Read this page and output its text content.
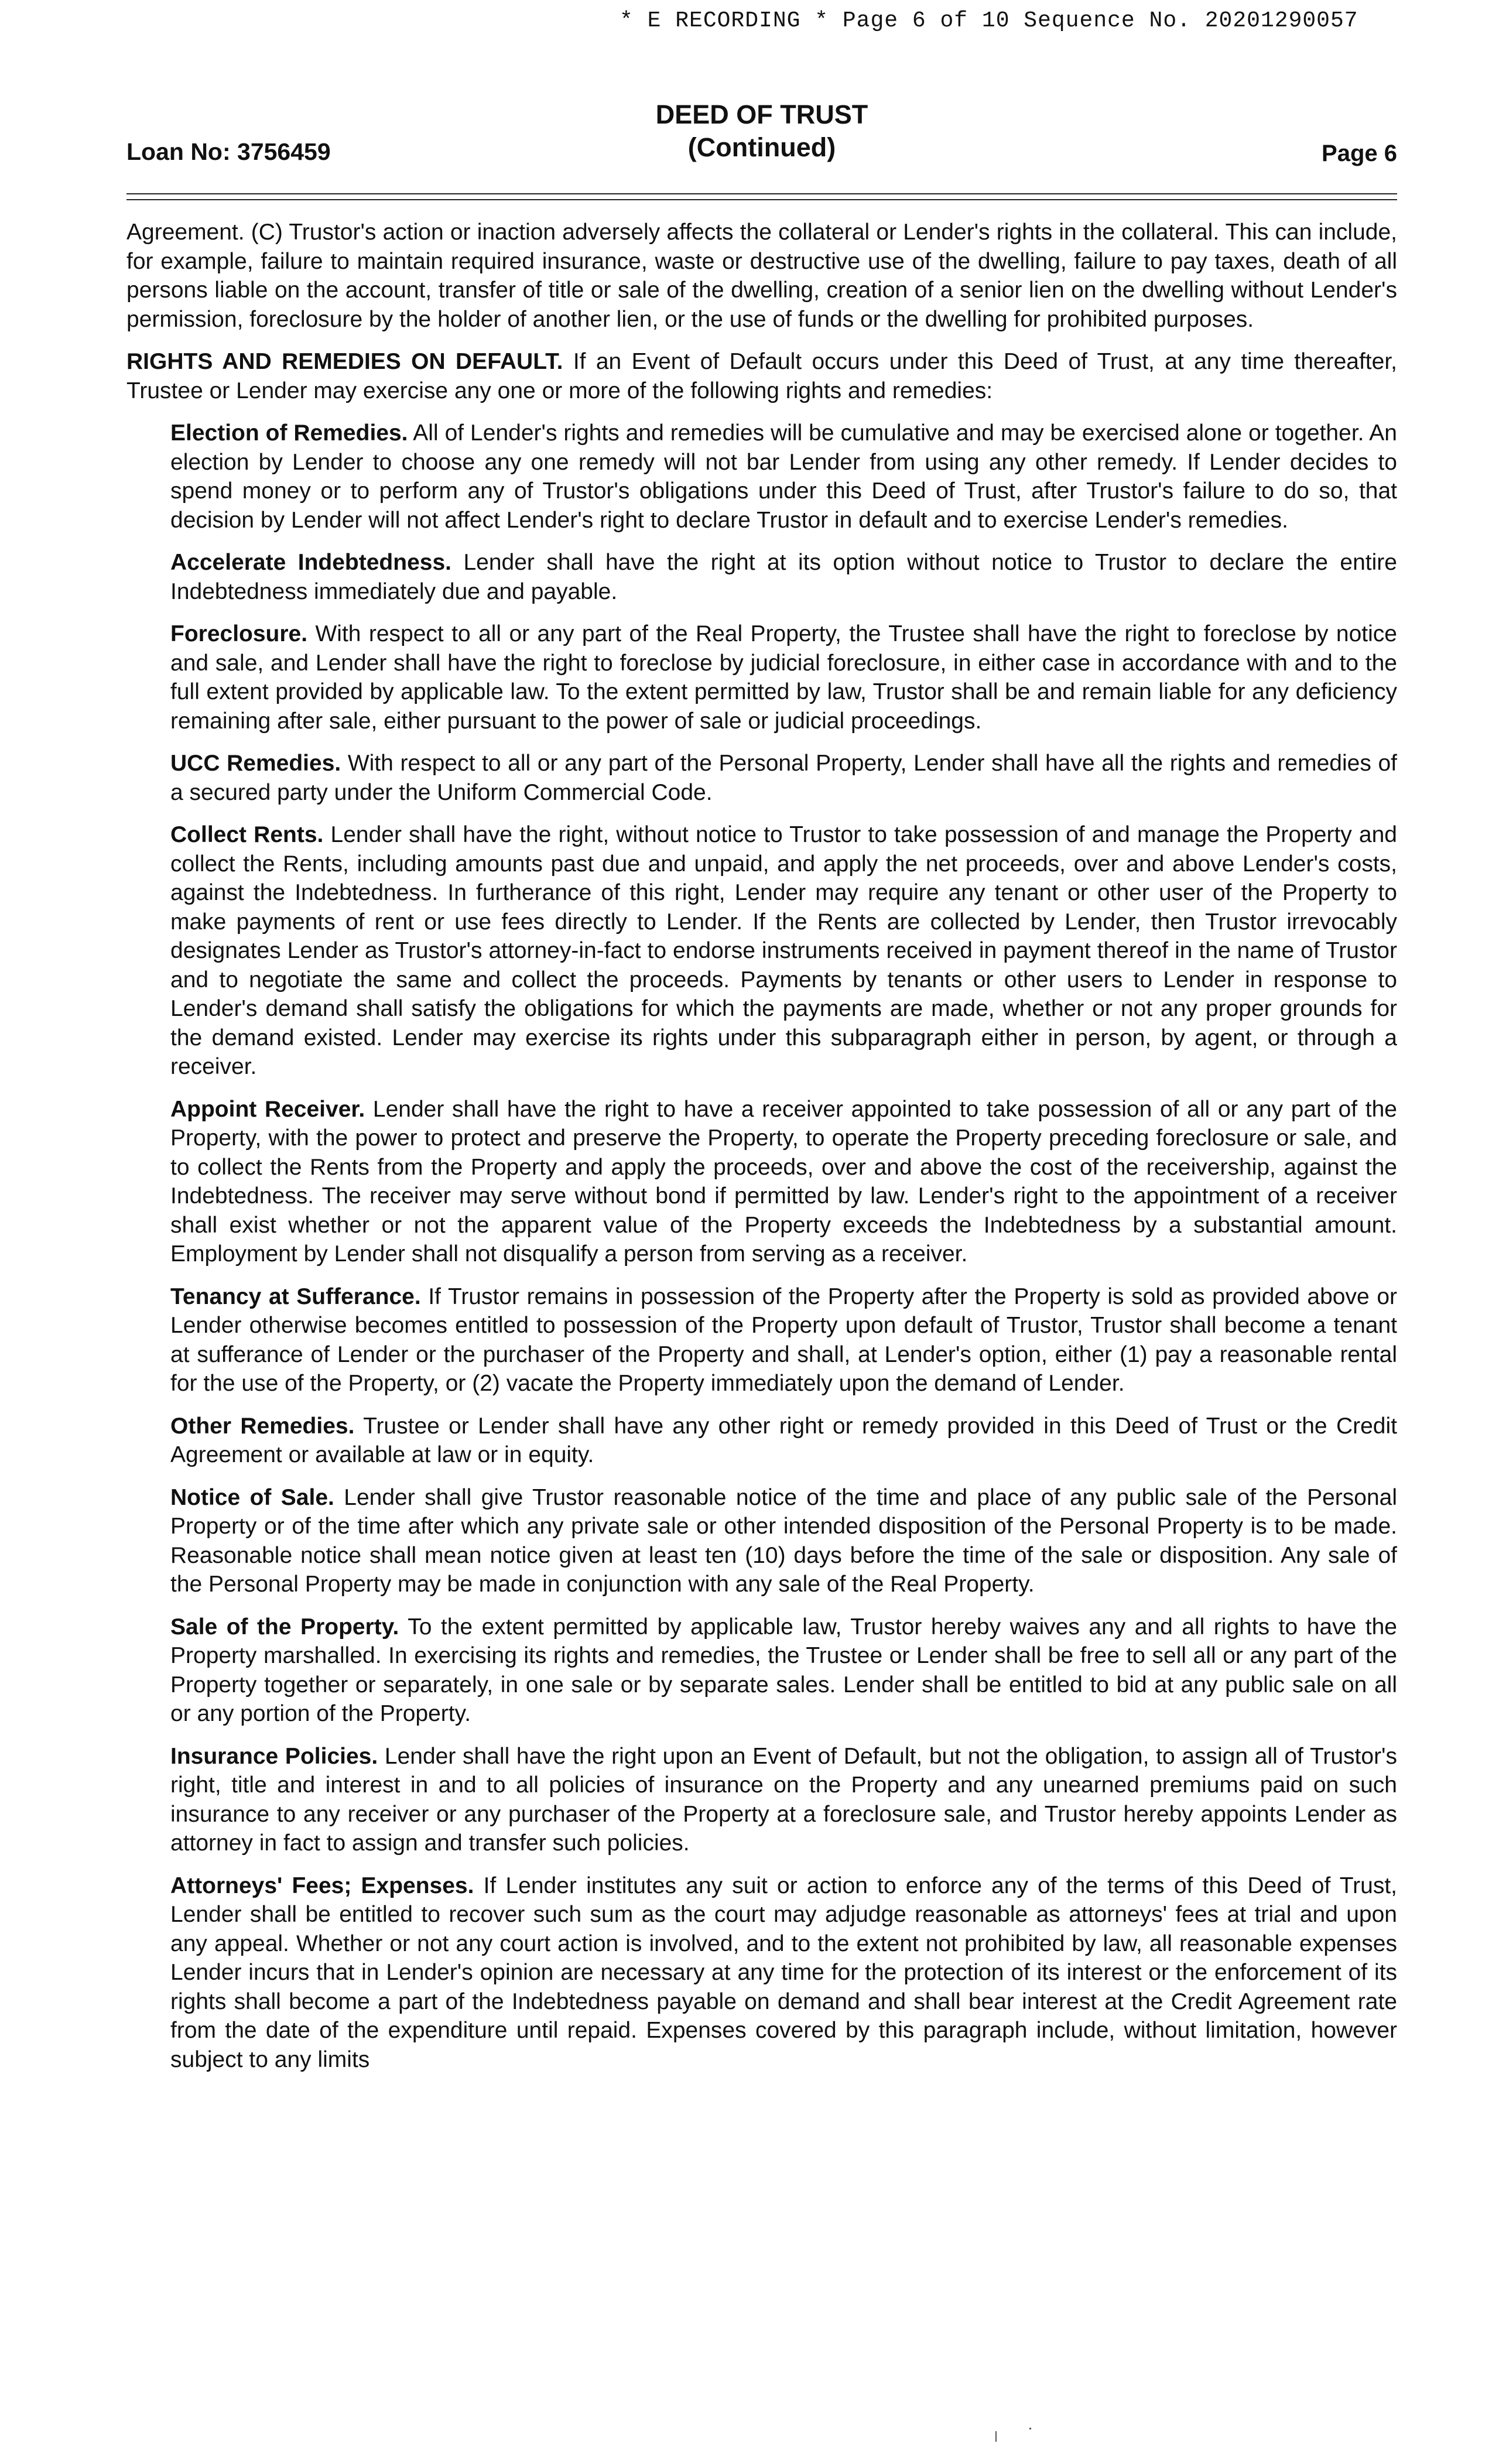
* E RECORDING * Page 6 of 10 Sequence No. 20201290057
Loan No: 3756459
DEED OF TRUST
(Continued)	Page 6

Agreement. (C) Trustor's action or inaction adversely affects the collateral or Lender's rights in the collateral. This can include, for example, failure to maintain required insurance, waste or destructive use of the dwelling, failure to pay taxes, death of all persons liable on the account, transfer of title or sale of the dwelling, creation of a senior lien on the dwelling without Lender's permission, foreclosure by the holder of another lien, or the use of funds or the dwelling for prohibited purposes.

RIGHTS AND REMEDIES ON DEFAULT. If an Event of Default occurs under this Deed of Trust, at any time thereafter, Trustee or Lender may exercise any one or more of the following rights and remedies:

Election of Remedies. All of Lender's rights and remedies will be cumulative and may be exercised alone or together. An election by Lender to choose any one remedy will not bar Lender from using any other remedy. If Lender decides to spend money or to perform any of Trustor's obligations under this Deed of Trust, after Trustor's failure to do so, that decision by Lender will not affect Lender's right to declare Trustor in default and to exercise Lender's remedies.

Accelerate Indebtedness. Lender shall have the right at its option without notice to Trustor to declare the entire Indebtedness immediately due and payable.

Foreclosure. With respect to all or any part of the Real Property, the Trustee shall have the right to foreclose by notice and sale, and Lender shall have the right to foreclose by judicial foreclosure, in either case in accordance with and to the full extent provided by applicable law. To the extent permitted by law, Trustor shall be and remain liable for any deficiency remaining after sale, either pursuant to the power of sale or judicial proceedings.

UCC Remedies. With respect to all or any part of the Personal Property, Lender shall have all the rights and remedies of a secured party under the Uniform Commercial Code.

Collect Rents. Lender shall have the right, without notice to Trustor to take possession of and manage the Property and collect the Rents, including amounts past due and unpaid, and apply the net proceeds, over and above Lender's costs, against the Indebtedness. In furtherance of this right, Lender may require any tenant or other user of the Property to make payments of rent or use fees directly to Lender. If the Rents are collected by Lender, then Trustor irrevocably designates Lender as Trustor's attorney-in-fact to endorse instruments received in payment thereof in the name of Trustor and to negotiate the same and collect the proceeds. Payments by tenants or other users to Lender in response to Lender's demand shall satisfy the obligations for which the payments are made, whether or not any proper grounds for the demand existed. Lender may exercise its rights under this subparagraph either in person, by agent, or through a receiver.

Appoint Receiver. Lender shall have the right to have a receiver appointed to take possession of all or any part of the Property, with the power to protect and preserve the Property, to operate the Property preceding foreclosure or sale, and to collect the Rents from the Property and apply the proceeds, over and above the cost of the receivership, against the Indebtedness. The receiver may serve without bond if permitted by law. Lender's right to the appointment of a receiver shall exist whether or not the apparent value of the Property exceeds the Indebtedness by a substantial amount. Employment by Lender shall not disqualify a person from serving as a receiver.

Tenancy at Sufferance. If Trustor remains in possession of the Property after the Property is sold as provided above or Lender otherwise becomes entitled to possession of the Property upon default of Trustor, Trustor shall become a tenant at sufferance of Lender or the purchaser of the Property and shall, at Lender's option, either (1) pay a reasonable rental for the use of the Property, or (2) vacate the Property immediately upon the demand of Lender.

Other Remedies. Trustee or Lender shall have any other right or remedy provided in this Deed of Trust or the Credit Agreement or available at law or in equity.

Notice of Sale. Lender shall give Trustor reasonable notice of the time and place of any public sale of the Personal Property or of the time after which any private sale or other intended disposition of the Personal Property is to be made. Reasonable notice shall mean notice given at least ten (10) days before the time of the sale or disposition. Any sale of the Personal Property may be made in conjunction with any sale of the Real Property.

Sale of the Property. To the extent permitted by applicable law, Trustor hereby waives any and all rights to have the Property marshalled. In exercising its rights and remedies, the Trustee or Lender shall be free to sell all or any part of the Property together or separately, in one sale or by separate sales. Lender shall be entitled to bid at any public sale on all or any portion of the Property.

Insurance Policies. Lender shall have the right upon an Event of Default, but not the obligation, to assign all of Trustor's right, title and interest in and to all policies of insurance on the Property and any unearned premiums paid on such insurance to any receiver or any purchaser of the Property at a foreclosure sale, and Trustor hereby appoints Lender as attorney in fact to assign and transfer such policies.

Attorneys' Fees; Expenses. If Lender institutes any suit or action to enforce any of the terms of this Deed of Trust, Lender shall be entitled to recover such sum as the court may adjudge reasonable as attorneys' fees at trial and upon any appeal. Whether or not any court action is involved, and to the extent not prohibited by law, all reasonable expenses Lender incurs that in Lender's opinion are necessary at any time for the protection of its interest or the enforcement of its rights shall become a part of the Indebtedness payable on demand and shall bear interest at the Credit Agreement rate from the date of the expenditure until repaid. Expenses covered by this paragraph include, without limitation, however subject to any limits
